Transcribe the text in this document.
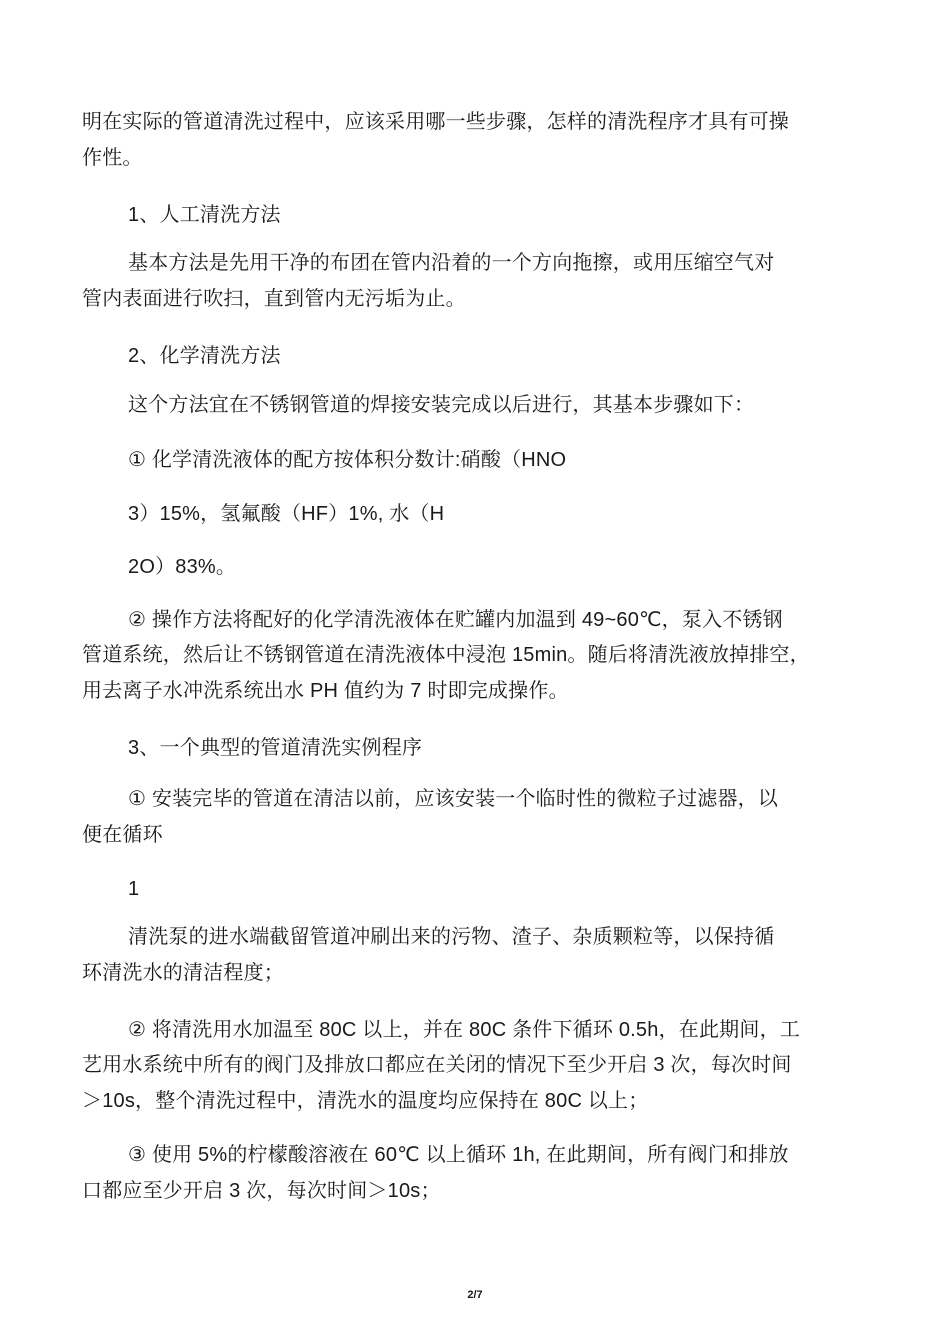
明在实际的管道清洗过程中，应该采用哪一些步骤，怎样的清洗程序才具有可操
作性。
1、人工清洗方法
基本方法是先用干净的布团在管内沿着的一个方向拖擦，或用压缩空气对
管内表面进行吹扫，直到管内无污垢为止。
2、化学清洗方法
这个方法宜在不锈钢管道的焊接安装完成以后进行，其基本步骤如下：
① 化学清洗液体的配方按体积分数计:硝酸（HNO
3）15%，氢氟酸（HF）1%, 水（H
2O）83%。
② 操作方法将配好的化学清洗液体在贮罐内加温到 49~60℃，泵入不锈钢
管道系统，然后让不锈钢管道在清洗液体中浸泡 15min。随后将清洗液放掉排空，
用去离子水冲洗系统出水 PH 值约为 7 时即完成操作。
3、一个典型的管道清洗实例程序
① 安装完毕的管道在清洁以前，应该安装一个临时性的微粒子过滤器，以
便在循环
1
清洗泵的进水端截留管道冲刷出来的污物、渣子、杂质颗粒等，以保持循
环清洗水的清洁程度；
② 将清洗用水加温至 80C 以上，并在 80C 条件下循环 0.5h，在此期间，工
艺用水系统中所有的阀门及排放口都应在关闭的情况下至少开启 3 次，每次时间
＞10s，整个清洗过程中，清洗水的温度均应保持在 80C 以上；
③ 使用 5%的柠檬酸溶液在 60℃ 以上循环 1h, 在此期间，所有阀门和排放
口都应至少开启 3 次，每次时间＞10s；
2/7
